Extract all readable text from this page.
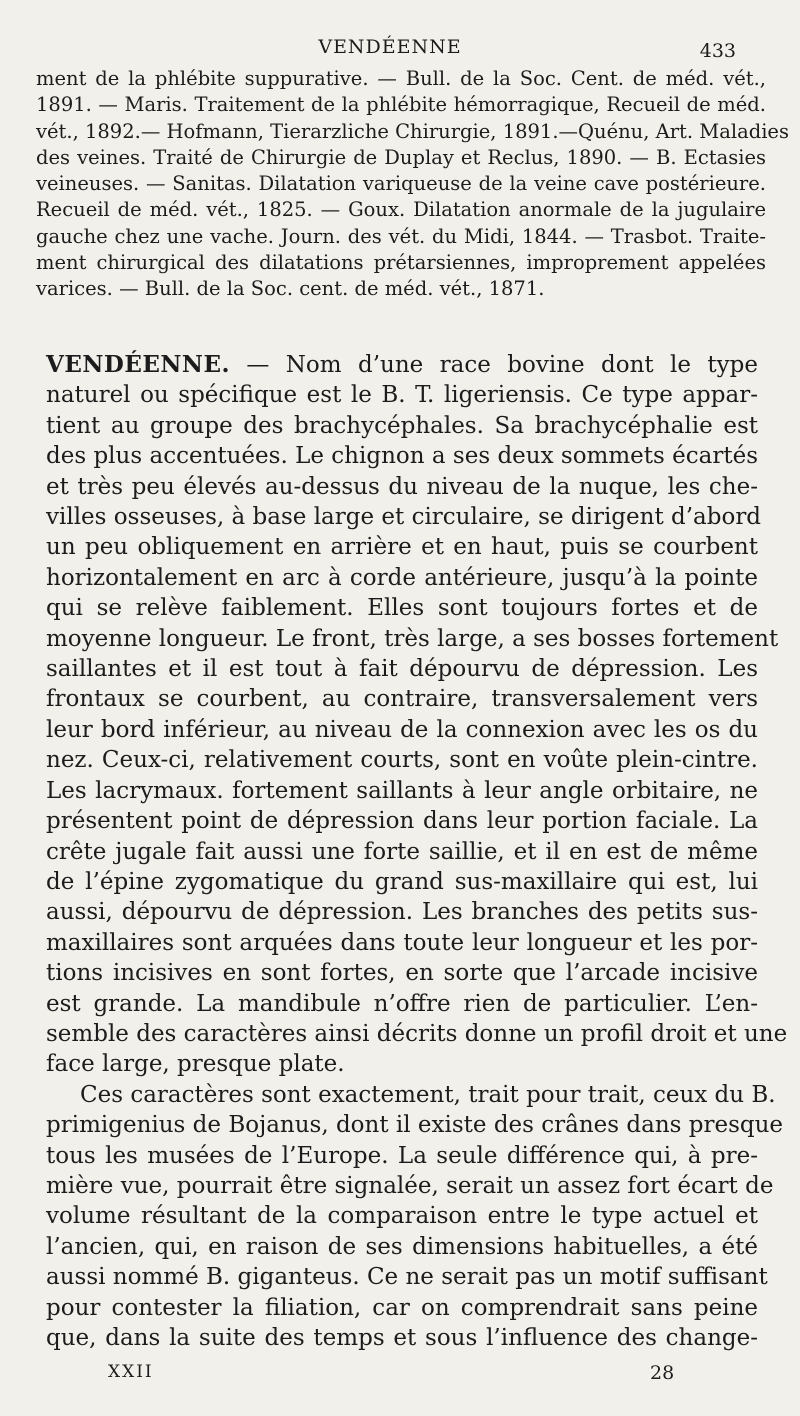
VENDÉENNE	433
ment de la phlébite suppurative. — Bull. de la Soc. Cent. de méd. vét.,
1891. — Maris. Traitement de la phlébite hémorragique, Recueil de méd.
vét., 1892.— Hofmann, Tierarzliche Chirurgie, 1891.—Quénu, Art. Maladies
des veines. Traité de Chirurgie de Duplay et Reclus, 1890. — B. Ectasies
veineuses. — Sanitas. Dilatation variqueuse de la veine cave postérieure.
Recueil de méd. vét., 1825. — Goux. Dilatation anormale de la jugulaire
gauche chez une vache. Journ. des vét. du Midi, 1844. — Trasbot. Traite-
ment chirurgical des dilatations prétarsiennes, improprement appelées
varices. — Bull. de la Soc. cent. de méd. vét., 1871.
VENDÉENNE. — Nom d’une race bovine dont le type
naturel ou spécifique est le B. T. ligeriensis. Ce type appar-
tient au groupe des brachycéphales. Sa brachycéphalie est
des plus accentuées. Le chignon a ses deux sommets écartés
et très peu élevés au-dessus du niveau de la nuque, les che-
villes osseuses, à base large et circulaire, se dirigent d’abord
un peu obliquement en arrière et en haut, puis se courbent
horizontalement en arc à corde antérieure, jusqu’à la pointe
qui se relève faiblement. Elles sont toujours fortes et de
moyenne longueur. Le front, très large, a ses bosses fortement
saillantes et il est tout à fait dépourvu de dépression. Les
frontaux se courbent, au contraire, transversalement vers
leur bord inférieur, au niveau de la connexion avec les os du
nez. Ceux-ci, relativement courts, sont en voûte plein-cintre.
Les lacrymaux. fortement saillants à leur angle orbitaire, ne
présentent point de dépression dans leur portion faciale. La
crête jugale fait aussi une forte saillie, et il en est de même
de l’épine zygomatique du grand sus-maxillaire qui est, lui
aussi, dépourvu de dépression. Les branches des petits sus-
maxillaires sont arquées dans toute leur longueur et les por-
tions incisives en sont fortes, en sorte que l’arcade incisive
est grande. La mandibule n’offre rien de particulier. L’en-
semble des caractères ainsi décrits donne un profil droit et une
face large, presque plate.
Ces caractères sont exactement, trait pour trait, ceux du B.
primigenius de Bojanus, dont il existe des crânes dans presque
tous les musées de l’Europe. La seule différence qui, à pre-
mière vue, pourrait être signalée, serait un assez fort écart de
volume résultant de la comparaison entre le type actuel et
l’ancien, qui, en raison de ses dimensions habituelles, a été
aussi nommé B. giganteus. Ce ne serait pas un motif suffisant
pour contester la filiation, car on comprendrait sans peine
que, dans la suite des temps et sous l’influence des change-
XXII	28
